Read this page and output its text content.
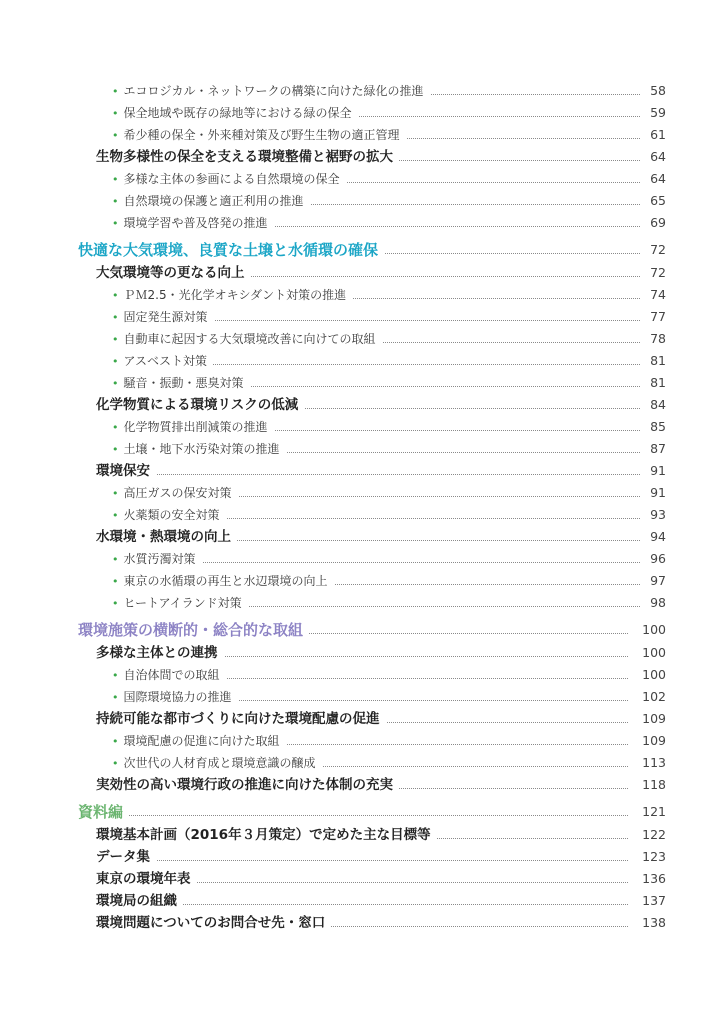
• エコロジカル・ネットワークの構築に向けた緑化の推進	58
• 保全地域や既存の緑地等における緑の保全	59
• 希少種の保全・外来種対策及び野生生物の適正管理	61
生物多様性の保全を支える環境整備と裾野の拡大	64
• 多様な主体の参画による自然環境の保全	64
• 自然環境の保護と適正利用の推進	65
• 環境学習や普及啓発の推進	69
快適な大気環境、良質な土壌と水循環の確保	72
大気環境等の更なる向上	72
• ＰＭ2.5・光化学オキシダント対策の推進	74
• 固定発生源対策	77
• 自動車に起因する大気環境改善に向けての取組	78
• アスベスト対策	81
• 騒音・振動・悪臭対策	81
化学物質による環境リスクの低減	84
• 化学物質排出削減策の推進	85
• 土壌・地下水汚染対策の推進	87
環境保安	91
• 高圧ガスの保安対策	91
• 火薬類の安全対策	93
水環境・熱環境の向上	94
• 水質汚濁対策	96
• 東京の水循環の再生と水辺環境の向上	97
• ヒートアイランド対策	98
環境施策の横断的・総合的な取組	100
多様な主体との連携	100
• 自治体間での取組	100
• 国際環境協力の推進	102
持続可能な都市づくりに向けた環境配慮の促進	109
• 環境配慮の促進に向けた取組	109
• 次世代の人材育成と環境意識の醸成	113
実効性の高い環境行政の推進に向けた体制の充実	118
資料編	121
環境基本計画（2016年３月策定）で定めた主な目標等	122
データ集	123
東京の環境年表	136
環境局の組織	137
環境問題についてのお問合せ先・窓口	138
